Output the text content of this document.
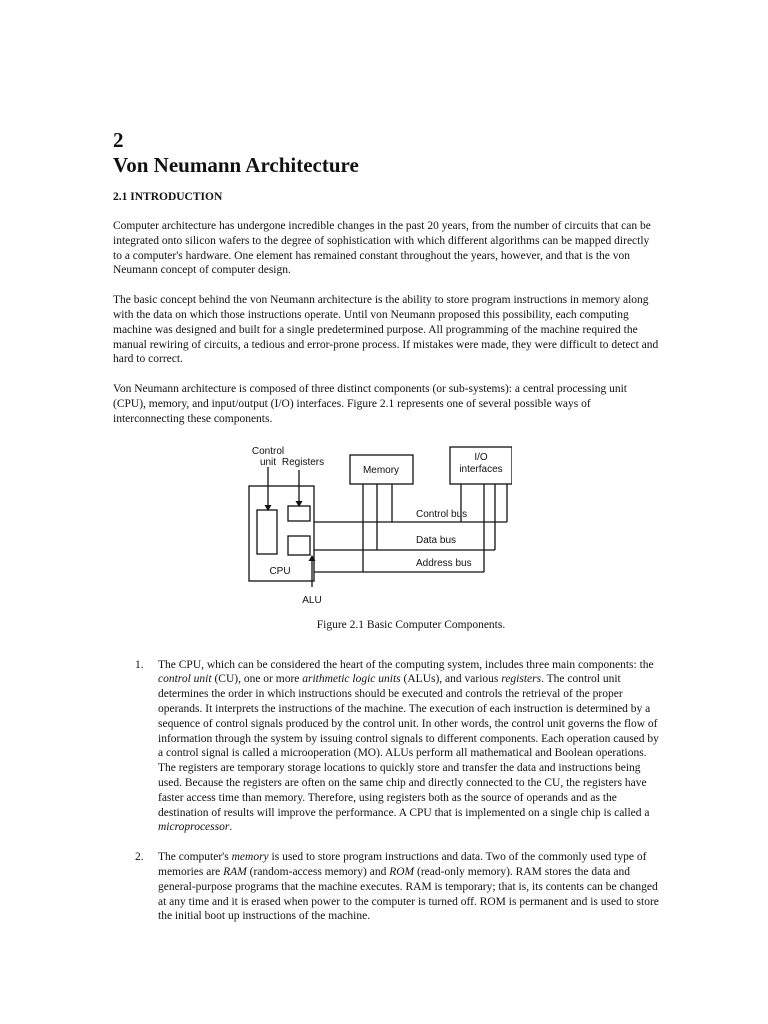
2
Von Neumann Architecture
2.1 INTRODUCTION

Computer architecture has undergone incredible changes in the past 20 years, from the number of circuits that can be integrated onto silicon wafers to the degree of sophistication with which different algorithms can be mapped directly to a computer's hardware. One element has remained constant throughout the years, however, and that is the von Neumann concept of computer design.

The basic concept behind the von Neumann architecture is the ability to store program instructions in memory along with the data on which those instructions operate. Until von Neumann proposed this possibility, each computing machine was designed and built for a single predetermined purpose. All programming of the machine required the manual rewiring of circuits, a tedious and error-prone process. If mistakes were made, they were difficult to detect and hard to correct.

Von Neumann architecture is composed of three distinct components (or sub-systems): a central processing unit (CPU), memory, and input/output (I/O) interfaces. Figure 2.1 represents one of several possible ways of interconnecting these components.

Control
unit Registers
Memory
I/O
interfaces
Control bus
Data bus
Address bus
CPU
ALU
Figure 2.1 Basic Computer Components.
1. The CPU, which can be considered the heart of the computing system, includes three main components: the control unit (CU), one or more arithmetic logic units (ALUs), and various registers. The control unit determines the order in which instructions should be executed and controls the retrieval of the proper operands. It interprets the instructions of the machine. The execution of each instruction is determined by a sequence of control signals produced by the control unit. In other words, the control unit governs the flow of information through the system by issuing control signals to different components. Each operation caused by a control signal is called a microoperation (MO). ALUs perform all mathematical and Boolean operations. The registers are temporary storage locations to quickly store and transfer the data and instructions being used. Because the registers are often on the same chip and directly connected to the CU, the registers have faster access time than memory. Therefore, using registers both as the source of operands and as the destination of results will improve the performance. A CPU that is implemented on a single chip is called a microprocessor.
2. The computer's memory is used to store program instructions and data. Two of the commonly used type of memories are RAM (random-access memory) and ROM (read-only memory). RAM stores the data and general-purpose programs that the machine executes. RAM is temporary; that is, its contents can be changed at any time and it is erased when power to the computer is turned off. ROM is permanent and is used to store the initial boot up instructions of the machine.
